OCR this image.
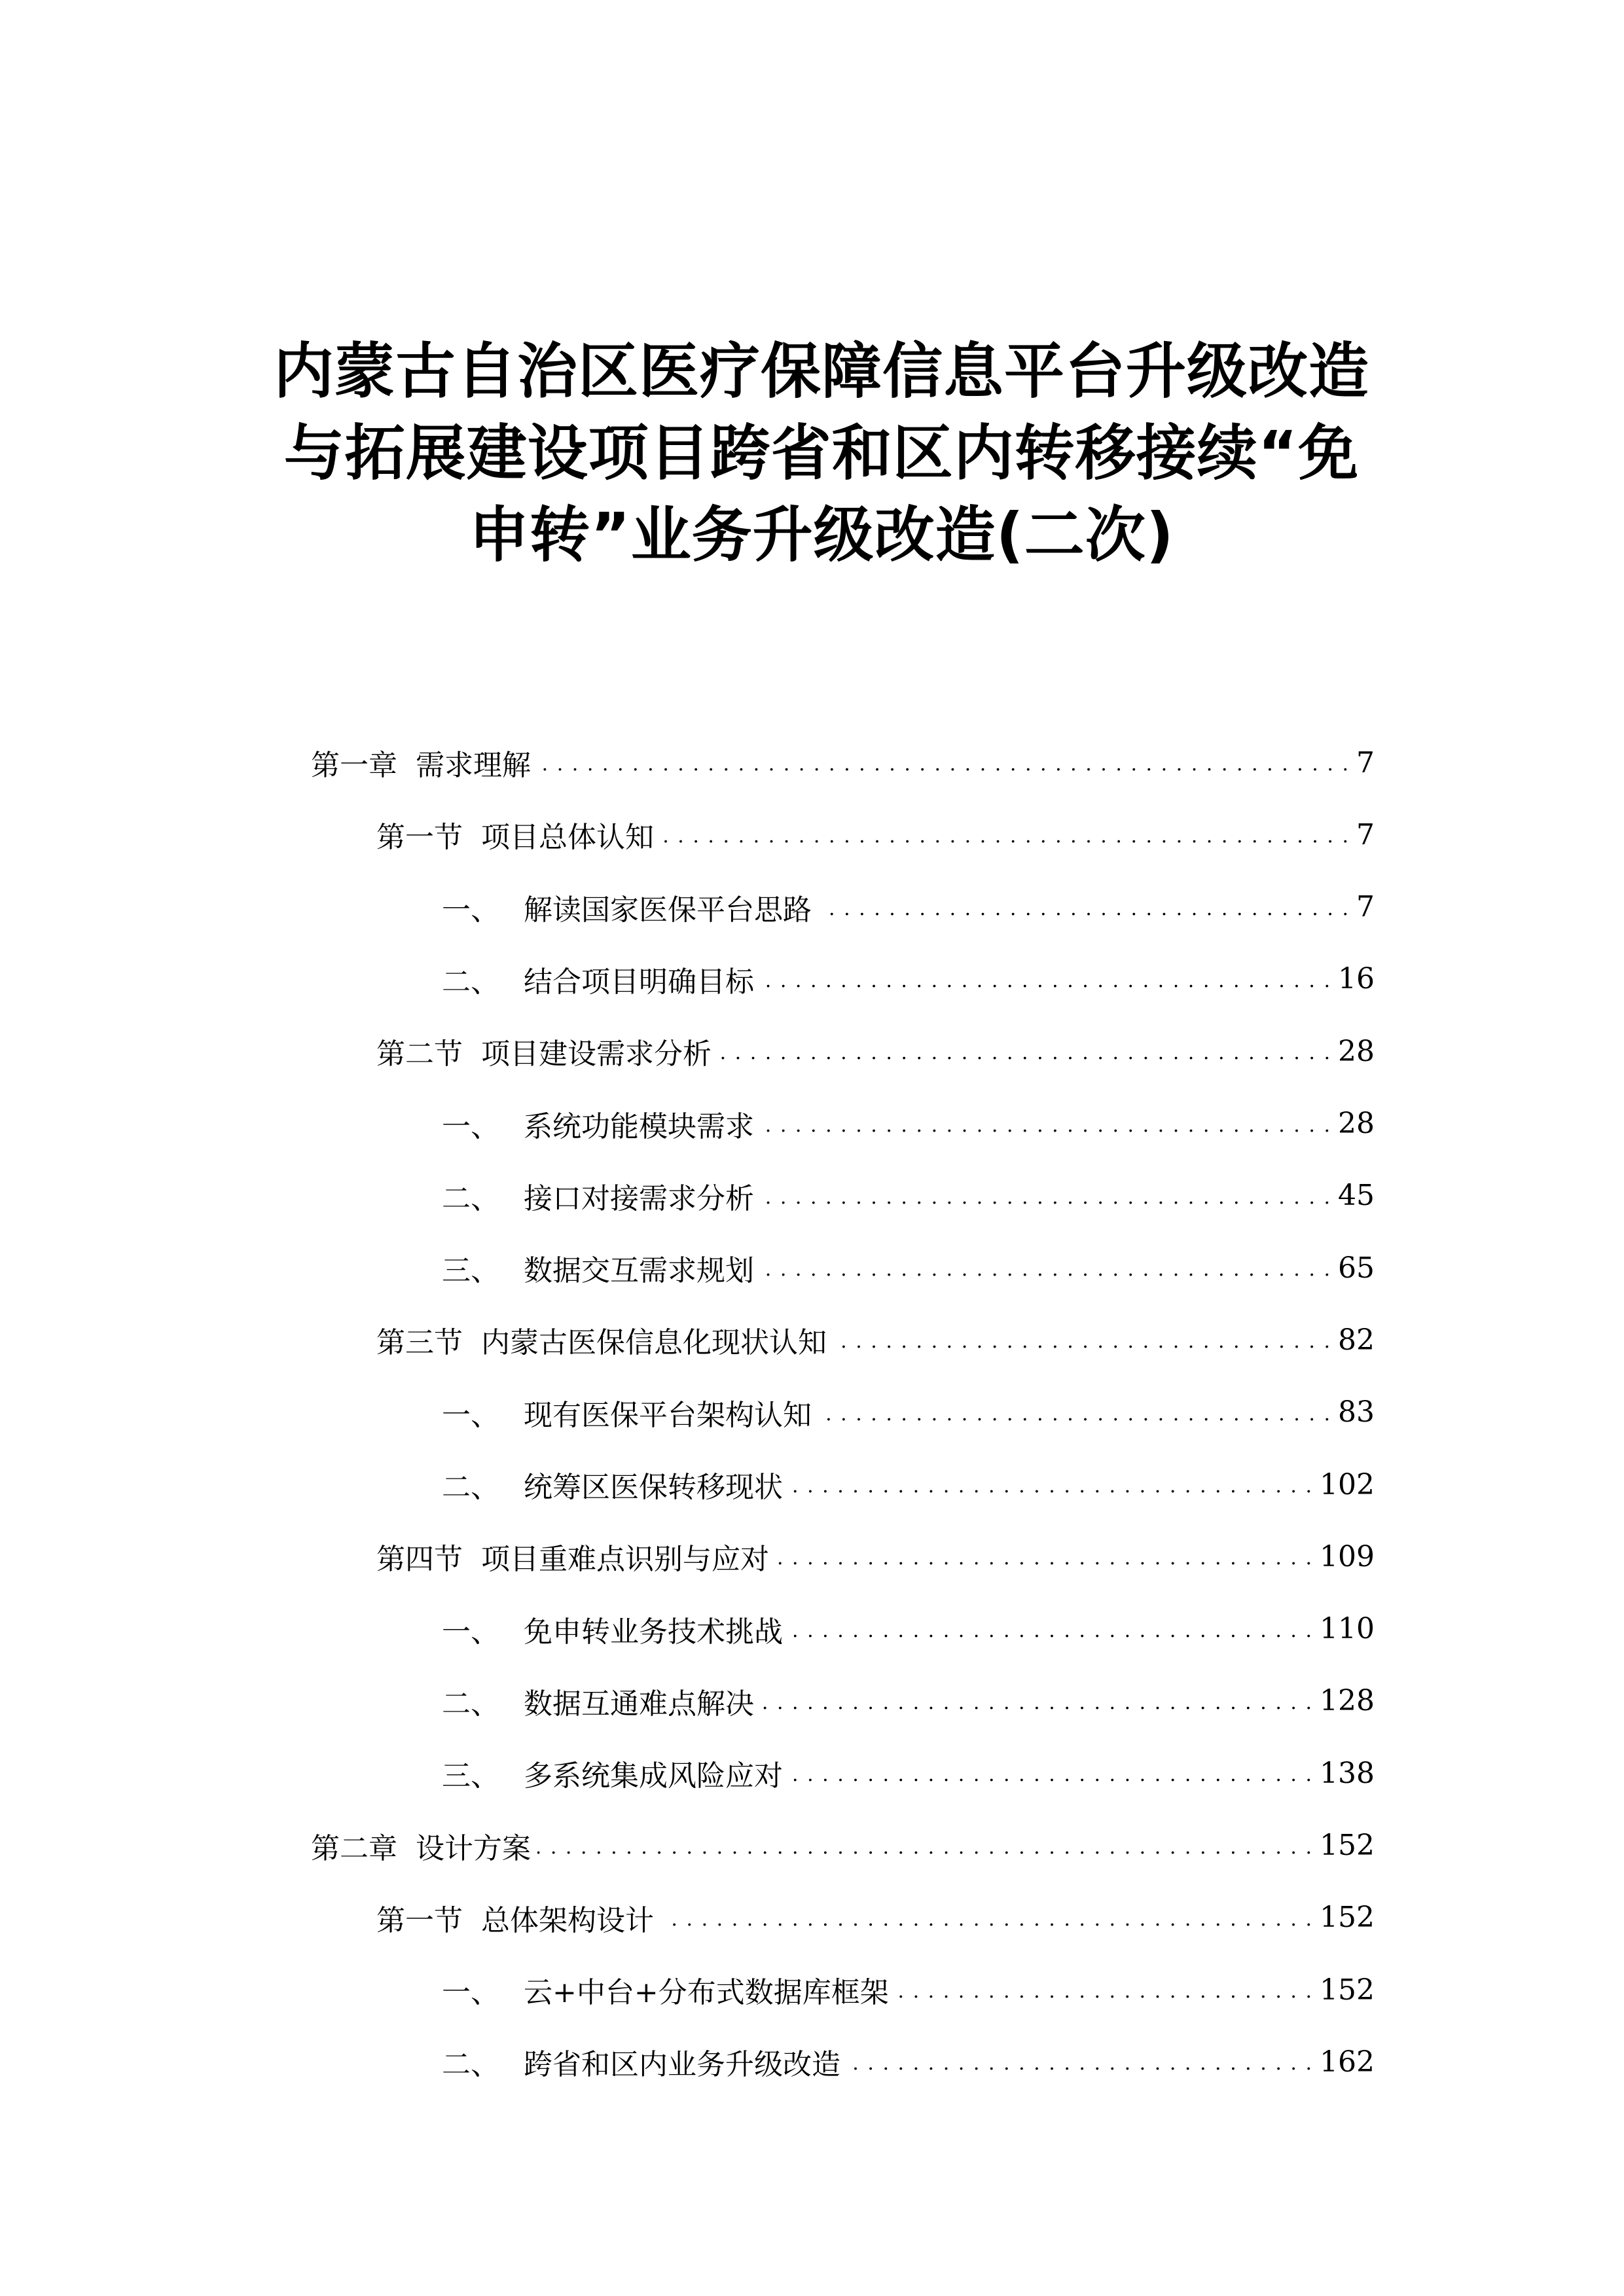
内蒙古自治区医疗保障信息平台升级改造
与拓展建设项目跨省和区内转移接续“免
申转”业务升级改造(二次)
第一章 需求理解 . . .	7
第一节 项目总体认知 . . .	7
一、 解读国家医保平台思路 . . .	7
二、 结合项目明确目标 . . .	16
第二节 项目建设需求分析 . . .	28
一、 系统功能模块需求 . . .	28
二、 接口对接需求分析 . . .	45
三、 数据交互需求规划 . . .	65
第三节 内蒙古医保信息化现状认知 . . .	82
一、 现有医保平台架构认知 . . .	83
二、 统筹区医保转移现状 . . .	102
第四节 项目重难点识别与应对 . . .	109
一、 免申转业务技术挑战 . . .	110
二、 数据互通难点解决 . . .	128
三、 多系统集成风险应对 . . .	138
第二章 设计方案 . . .	152
第一节 总体架构设计 . . .	152
一、 云+中台+分布式数据库框架 . . .	152
二、 跨省和区内业务升级改造 . . .	162
